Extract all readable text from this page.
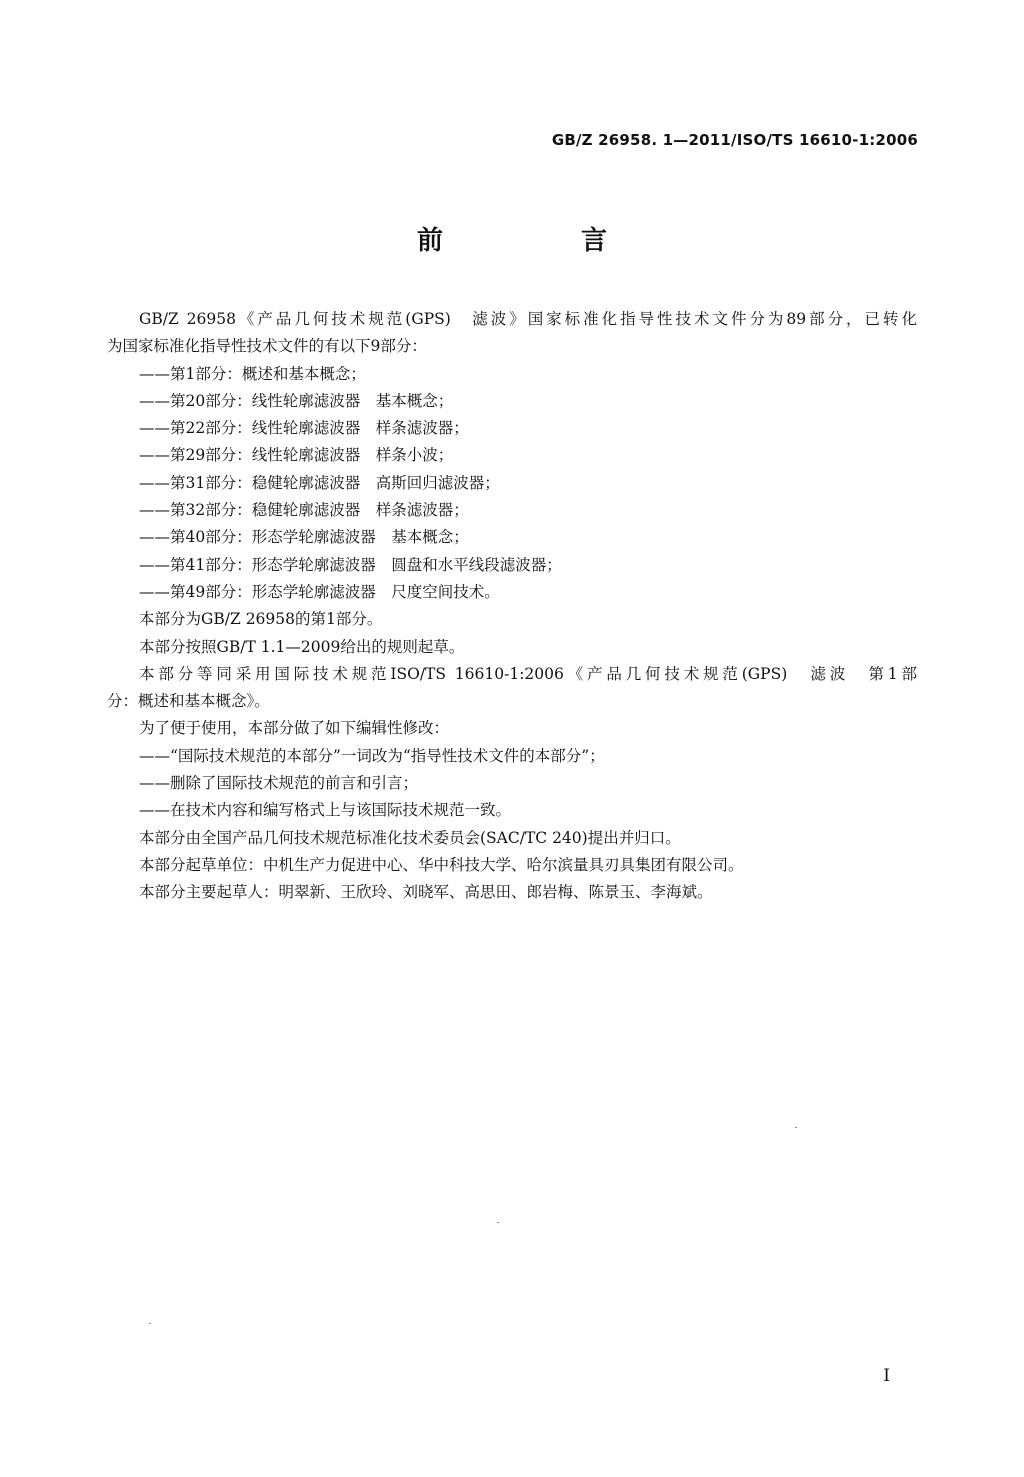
GB/Z 26958. 1—2011/ISO/TS 16610-1:2006
前　言

GB/Z 26958《产品几何技术规范(GPS)　滤波》国家标准化指导性技术文件分为89部分，已转化

为国家标准化指导性技术文件的有以下9部分：

——第1部分：概述和基本概念；

——第20部分：线性轮廓滤波器　基本概念；

——第22部分：线性轮廓滤波器　样条滤波器；

——第29部分：线性轮廓滤波器　样条小波；

——第31部分：稳健轮廓滤波器　高斯回归滤波器；

——第32部分：稳健轮廓滤波器　样条滤波器；

——第40部分：形态学轮廓滤波器　基本概念；

——第41部分：形态学轮廓滤波器　圆盘和水平线段滤波器；

——第49部分：形态学轮廓滤波器　尺度空间技术。

本部分为GB/Z 26958的第1部分。

本部分按照GB/T 1.1—2009给出的规则起草。

本部分等同采用国际技术规范ISO/TS 16610-1:2006《产品几何技术规范(GPS)　滤波　第1部

分：概述和基本概念》。

为了便于使用，本部分做了如下编辑性修改：

——“国际技术规范的本部分”一词改为“指导性技术文件的本部分”；

——删除了国际技术规范的前言和引言；

——在技术内容和编写格式上与该国际技术规范一致。

本部分由全国产品几何技术规范标准化技术委员会(SAC/TC 240)提出并归口。

本部分起草单位：中机生产力促进中心、华中科技大学、哈尔滨量具刃具集团有限公司。

本部分主要起草人：明翠新、王欣玲、刘晓军、高思田、郎岩梅、陈景玉、李海斌。

I
